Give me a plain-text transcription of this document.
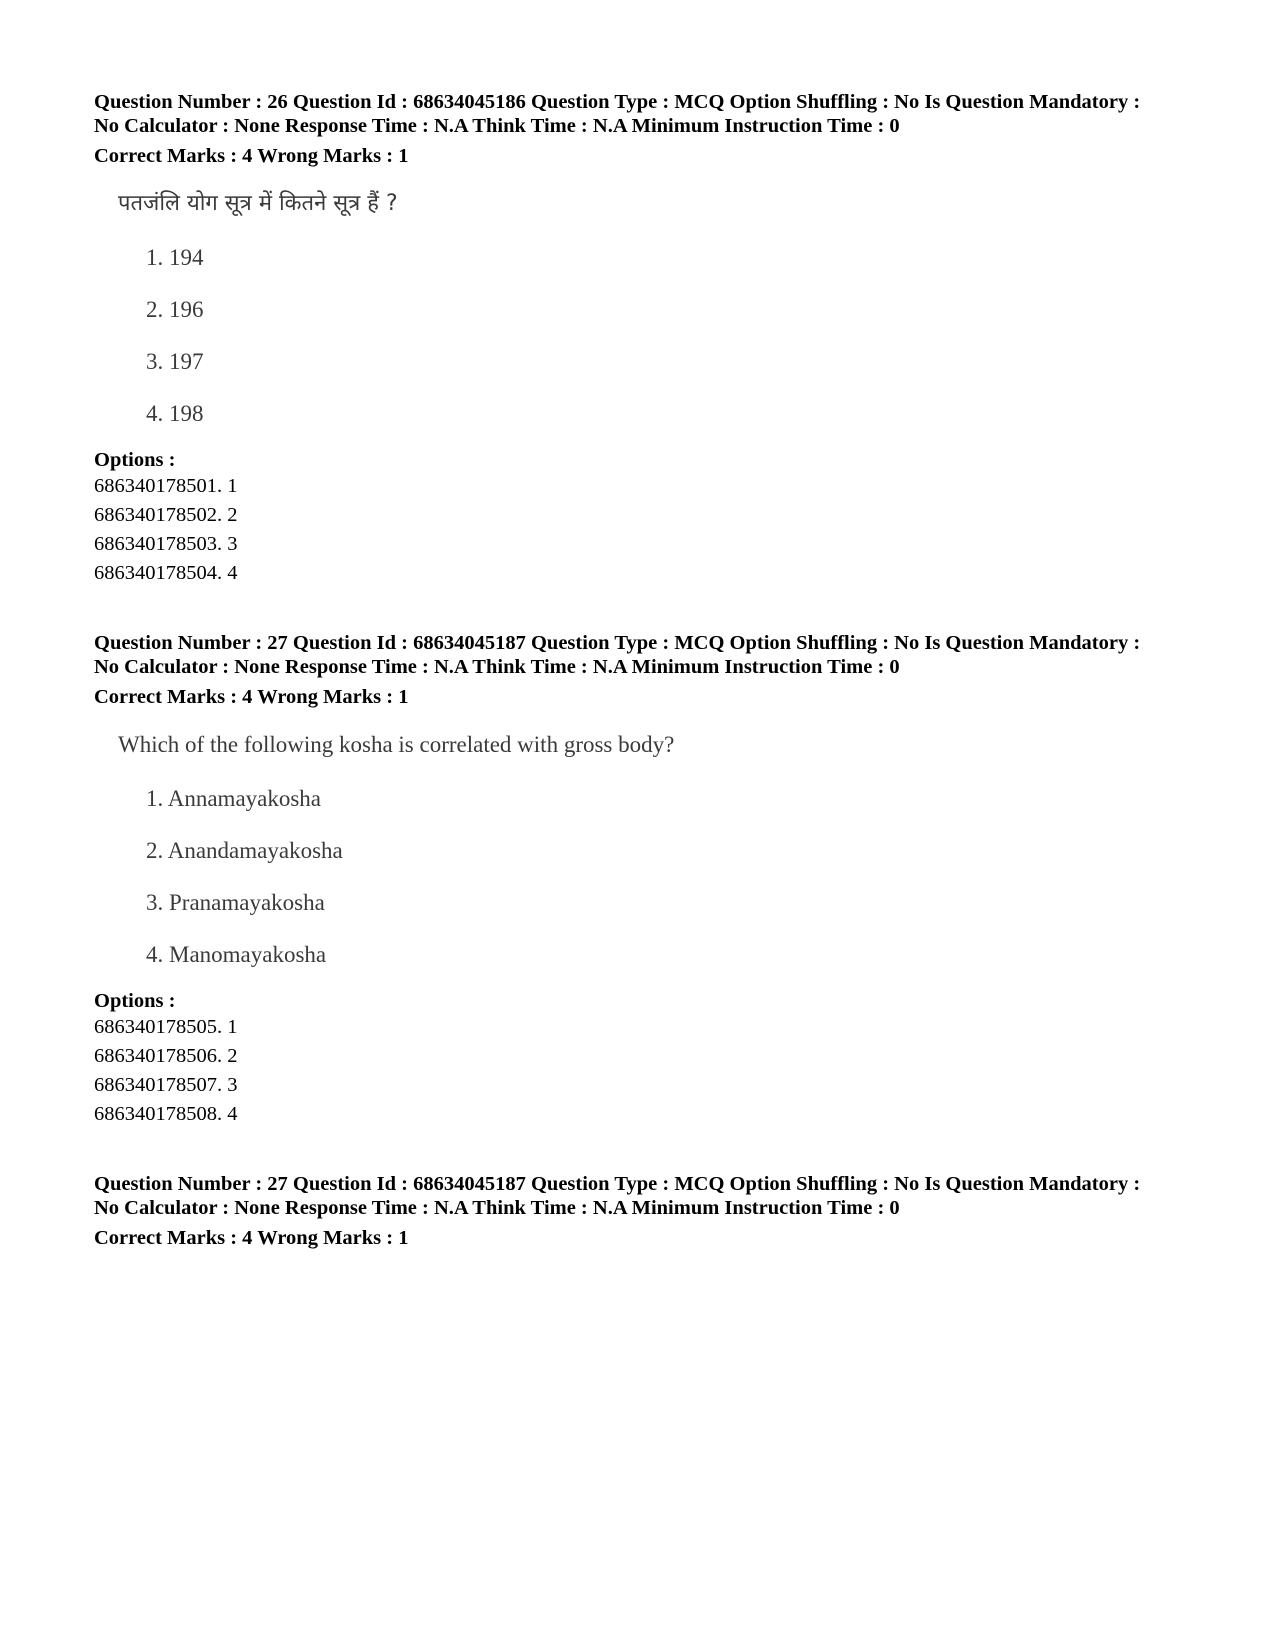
Question Number : 26 Question Id : 68634045186 Question Type : MCQ Option Shuffling : No Is Question Mandatory :
No Calculator : None Response Time : N.A Think Time : N.A Minimum Instruction Time : 0
Correct Marks : 4 Wrong Marks : 1
पतजंलि योग सूत्र में कितने सूत्र हैं ?
1. 194
2. 196
3. 197
4. 198
Options :
686340178501. 1
686340178502. 2
686340178503. 3
686340178504. 4
Question Number : 27 Question Id : 68634045187 Question Type : MCQ Option Shuffling : No Is Question Mandatory :
No Calculator : None Response Time : N.A Think Time : N.A Minimum Instruction Time : 0
Correct Marks : 4 Wrong Marks : 1
Which of the following kosha is correlated with gross body?
1. Annamayakosha
2. Anandamayakosha
3. Pranamayakosha
4. Manomayakosha
Options :
686340178505. 1
686340178506. 2
686340178507. 3
686340178508. 4
Question Number : 27 Question Id : 68634045187 Question Type : MCQ Option Shuffling : No Is Question Mandatory :
No Calculator : None Response Time : N.A Think Time : N.A Minimum Instruction Time : 0
Correct Marks : 4 Wrong Marks : 1
